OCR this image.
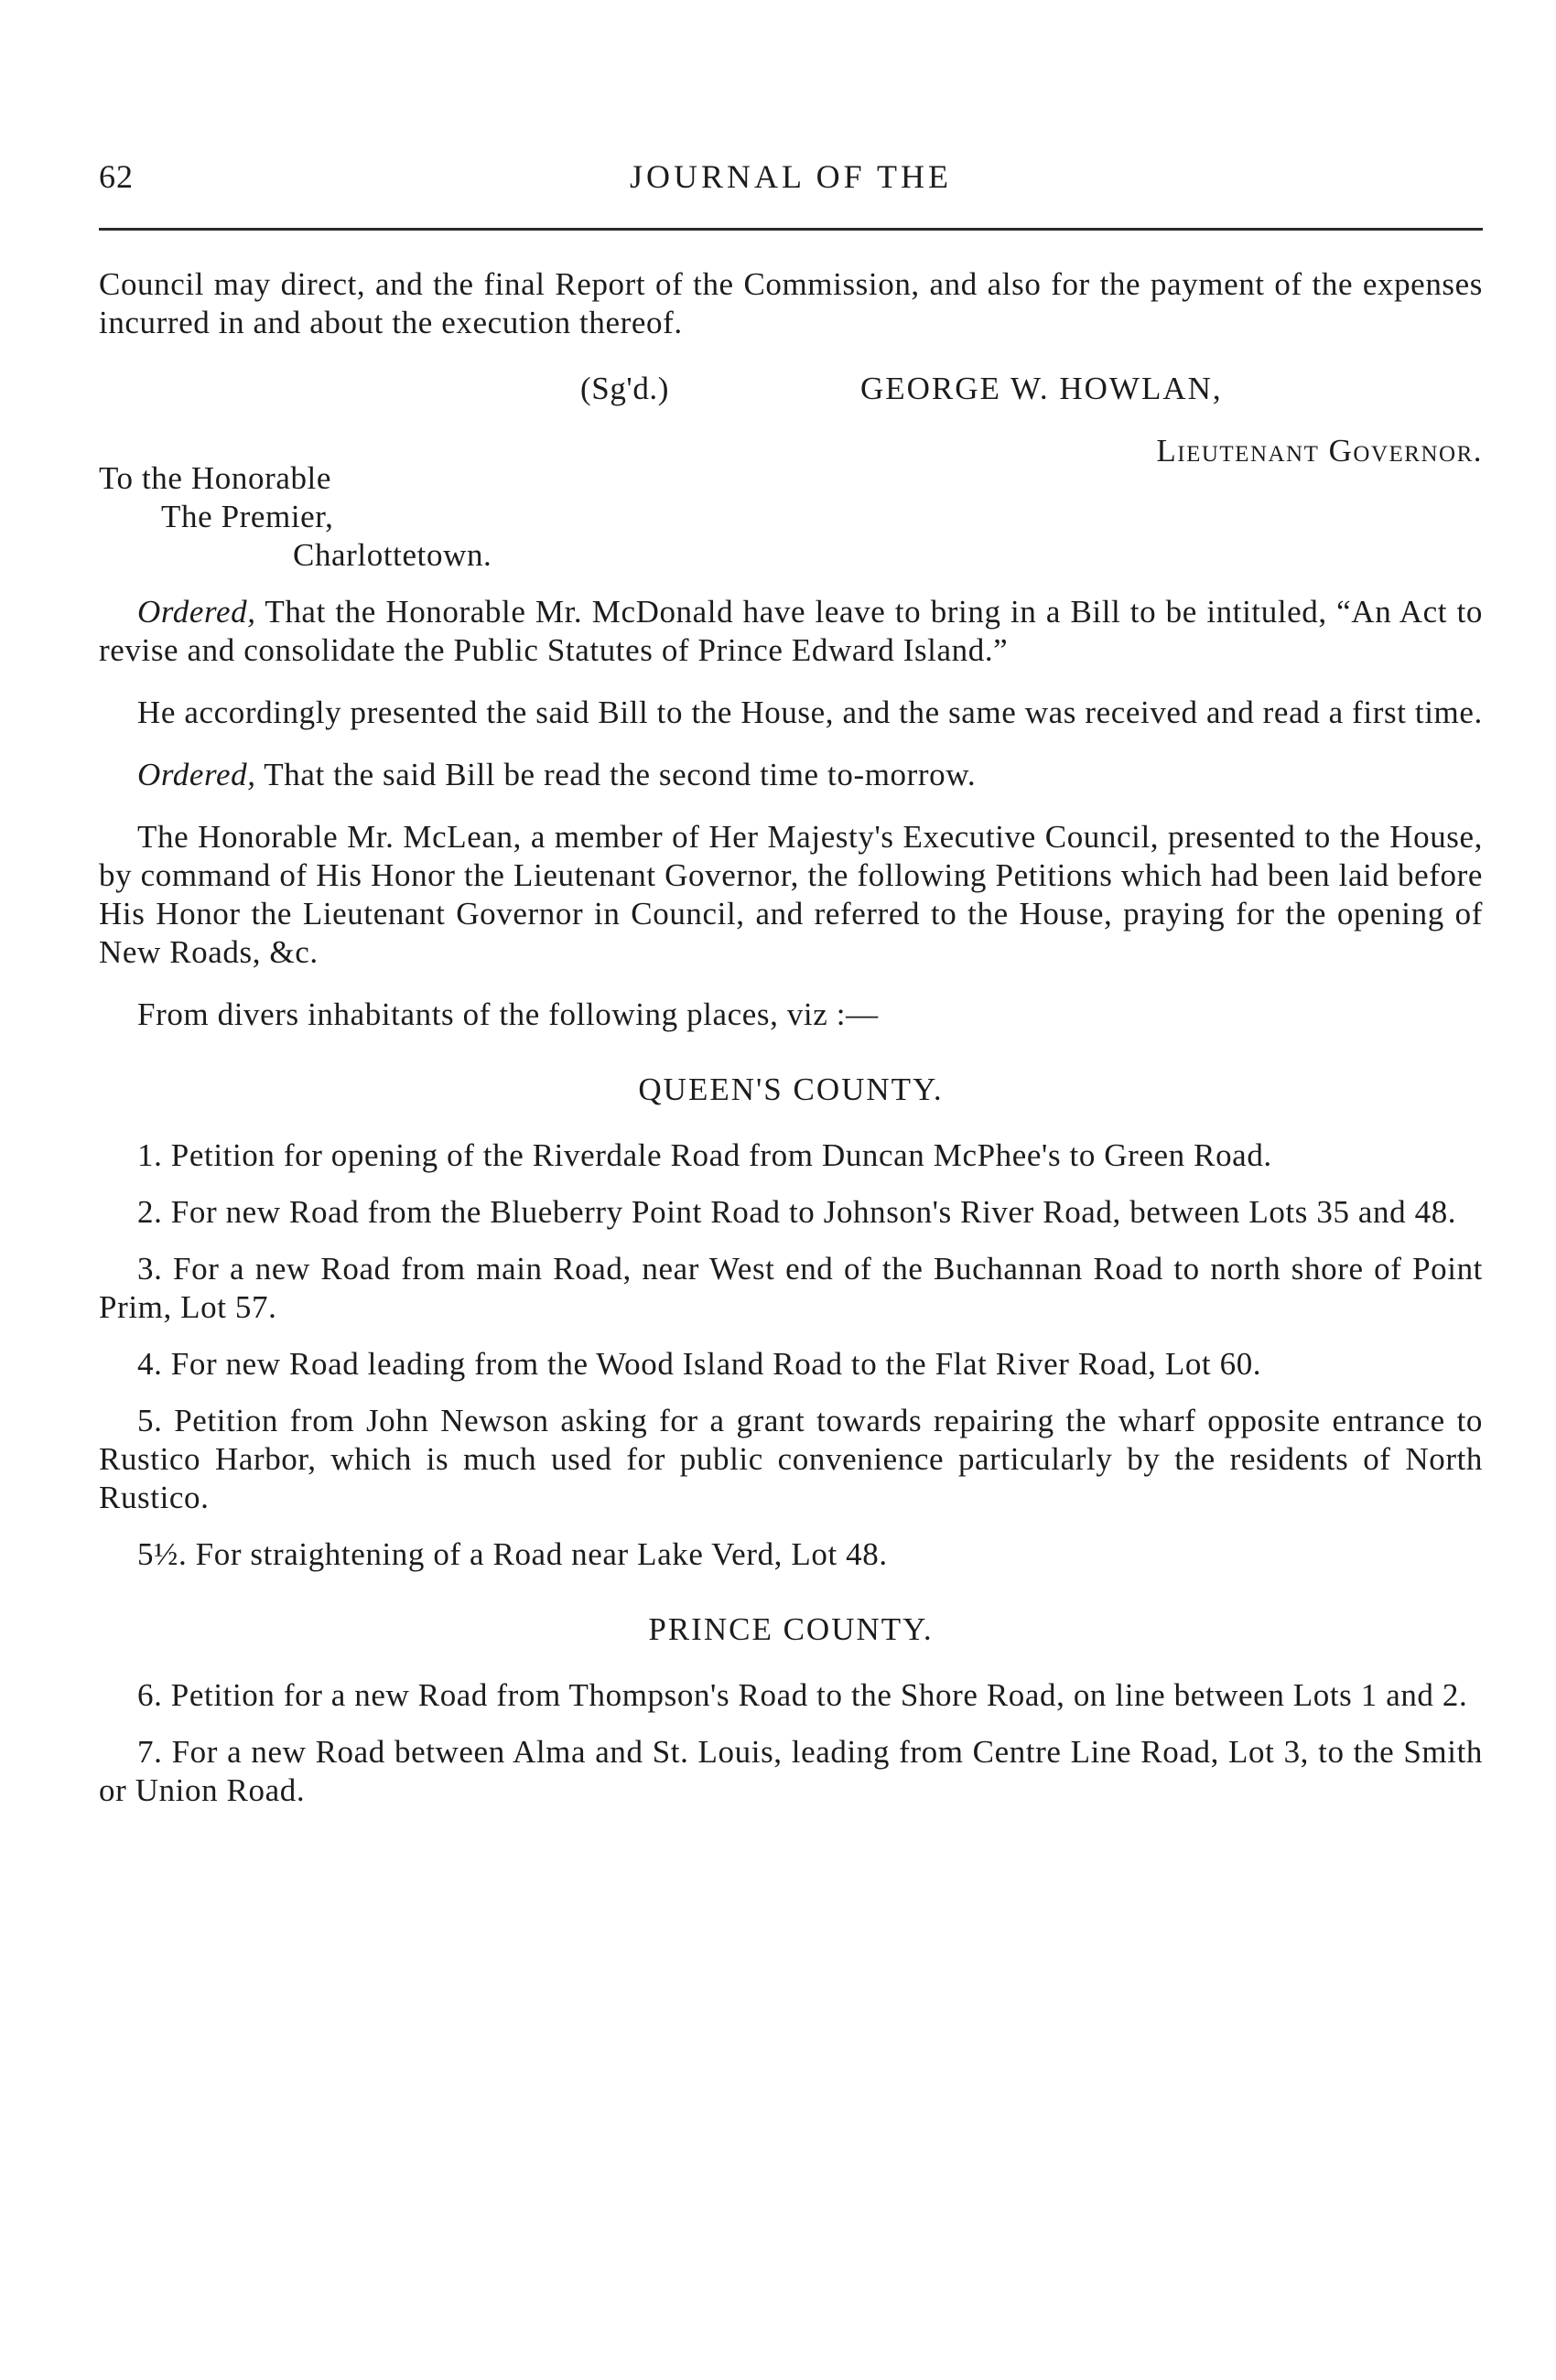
62	JOURNAL OF THE

Council may direct, and the final Report of the Commission, and also for the payment of the expenses incurred in and about the execution thereof.

(Sg'd.)	GEORGE W. HOWLAN,
Lieutenant Governor.
To the Honorable
The Premier,
Charlottetown.

Ordered, That the Honorable Mr. McDonald have leave to bring in a Bill to be intituled, “An Act to revise and consolidate the Public Statutes of Prince Edward Island.”

He accordingly presented the said Bill to the House, and the same was received and read a first time.

Ordered, That the said Bill be read the second time to-morrow.

The Honorable Mr. McLean, a member of Her Majesty's Executive Council, presented to the House, by command of His Honor the Lieutenant Governor, the following Petitions which had been laid before His Honor the Lieutenant Governor in Council, and referred to the House, praying for the opening of New Roads, &c.

From divers inhabitants of the following places, viz :—

QUEEN'S COUNTY.

1. Petition for opening of the Riverdale Road from Duncan McPhee's to Green Road.

2. For new Road from the Blueberry Point Road to Johnson's River Road, between Lots 35 and 48.

3. For a new Road from main Road, near West end of the Buchannan Road to north shore of Point Prim, Lot 57.

4. For new Road leading from the Wood Island Road to the Flat River Road, Lot 60.

5. Petition from John Newson asking for a grant towards repairing the wharf opposite entrance to Rustico Harbor, which is much used for public convenience particularly by the residents of North Rustico.

5½. For straightening of a Road near Lake Verd, Lot 48.

PRINCE COUNTY.

6. Petition for a new Road from Thompson's Road to the Shore Road, on line between Lots 1 and 2.

7. For a new Road between Alma and St. Louis, leading from Centre Line Road, Lot 3, to the Smith or Union Road.
